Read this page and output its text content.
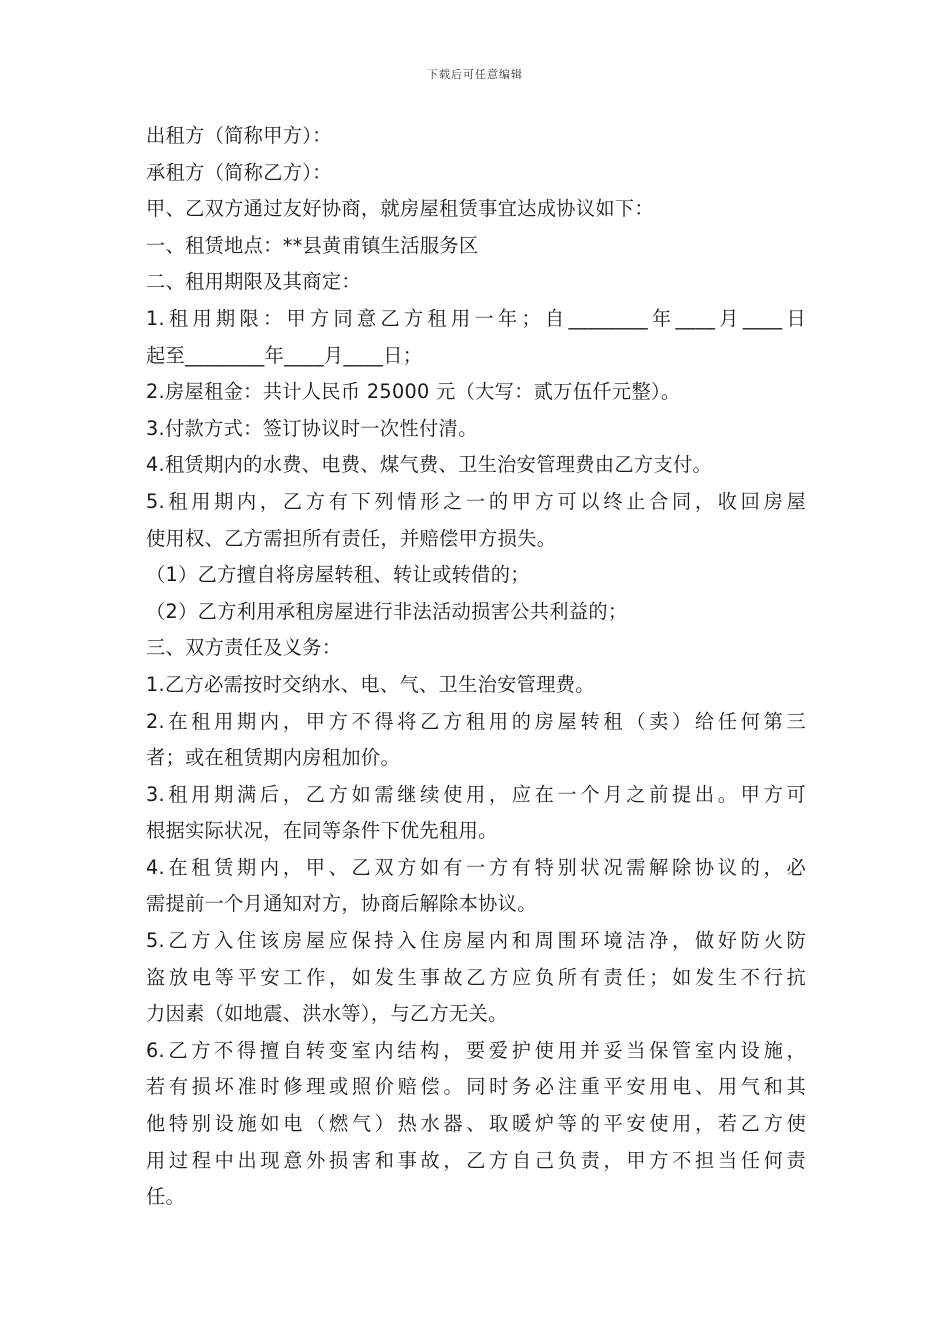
下载后可任意编辑
出租方（简称甲方）：
承租方（简称乙方）：
甲、乙双方通过友好协商，就房屋租赁事宜达成协议如下：
一、租赁地点：**县黄甫镇生活服务区
二、租用期限及其商定：
1.租用期限：甲方同意乙方租用一年；自________年____月____日
起至________年____月____日；
2.房屋租金：共计人民币 25000 元（大写：贰万伍仟元整）。
3.付款方式：签订协议时一次性付清。
4.租赁期内的水费、电费、煤气费、卫生治安管理费由乙方支付。
5.租用期内，乙方有下列情形之一的甲方可以终止合同，收回房屋
使用权、乙方需担所有责任，并赔偿甲方损失。
（1）乙方擅自将房屋转租、转让或转借的；
（2）乙方利用承租房屋进行非法活动损害公共利益的；
三、双方责任及义务：
1.乙方必需按时交纳水、电、气、卫生治安管理费。
2.在租用期内，甲方不得将乙方租用的房屋转租（卖）给任何第三
者；或在租赁期内房租加价。
3.租用期满后，乙方如需继续使用，应在一个月之前提出。甲方可
根据实际状况，在同等条件下优先租用。
4.在租赁期内，甲、乙双方如有一方有特别状况需解除协议的，必
需提前一个月通知对方，协商后解除本协议。
5.乙方入住该房屋应保持入住房屋内和周围环境洁净，做好防火防
盗放电等平安工作，如发生事故乙方应负所有责任；如发生不行抗
力因素（如地震、洪水等），与乙方无关。
6.乙方不得擅自转变室内结构，要爱护使用并妥当保管室内设施，
若有损坏准时修理或照价赔偿。同时务必注重平安用电、用气和其
他特别设施如电（燃气）热水器、取暖炉等的平安使用，若乙方使
用过程中出现意外损害和事故，乙方自己负责，甲方不担当任何责
任。
